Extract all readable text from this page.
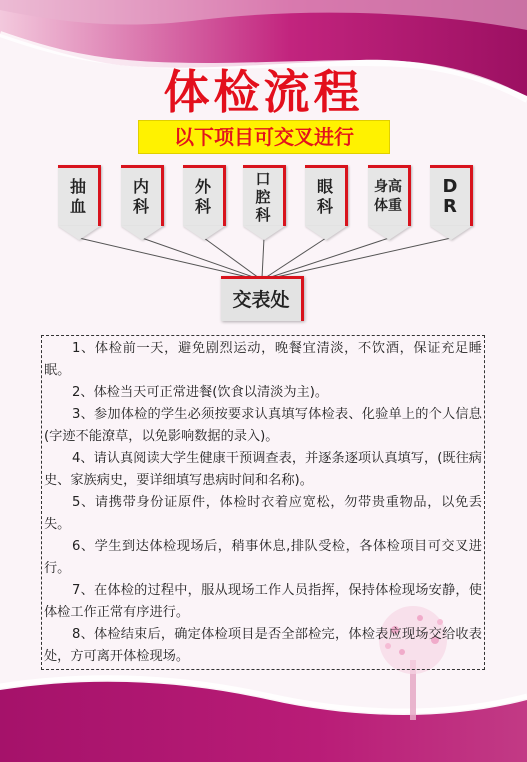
体检流程
以下项目可交叉进行
抽
血
内
科
外
科
口
腔
科
眼
科
身高
体重
D
R
交表处

1、体检前一天，避免剧烈运动，晚餐宜清淡，不饮酒，保证充足睡眠。

2、体检当天可正常进餐(饮食以清淡为主)。

3、参加体检的学生必须按要求认真填写体检表、化验单上的个人信息(字迹不能潦草，以免影响数据的录入)。

4、请认真阅读大学生健康干预调查表，并逐条逐项认真填写，(既往病史、家族病史，要详细填写患病时间和名称)。

5、请携带身份证原件，体检时衣着应宽松，勿带贵重物品，以免丢失。

6、学生到达体检现场后，稍事休息,排队受检，各体检项目可交叉进行。

7、在体检的过程中，服从现场工作人员指挥，保持体检现场安静，使体检工作正常有序进行。

8、体检结束后，确定体检项目是否全部检完，体检表应现场交给收表处，方可离开体检现场。
